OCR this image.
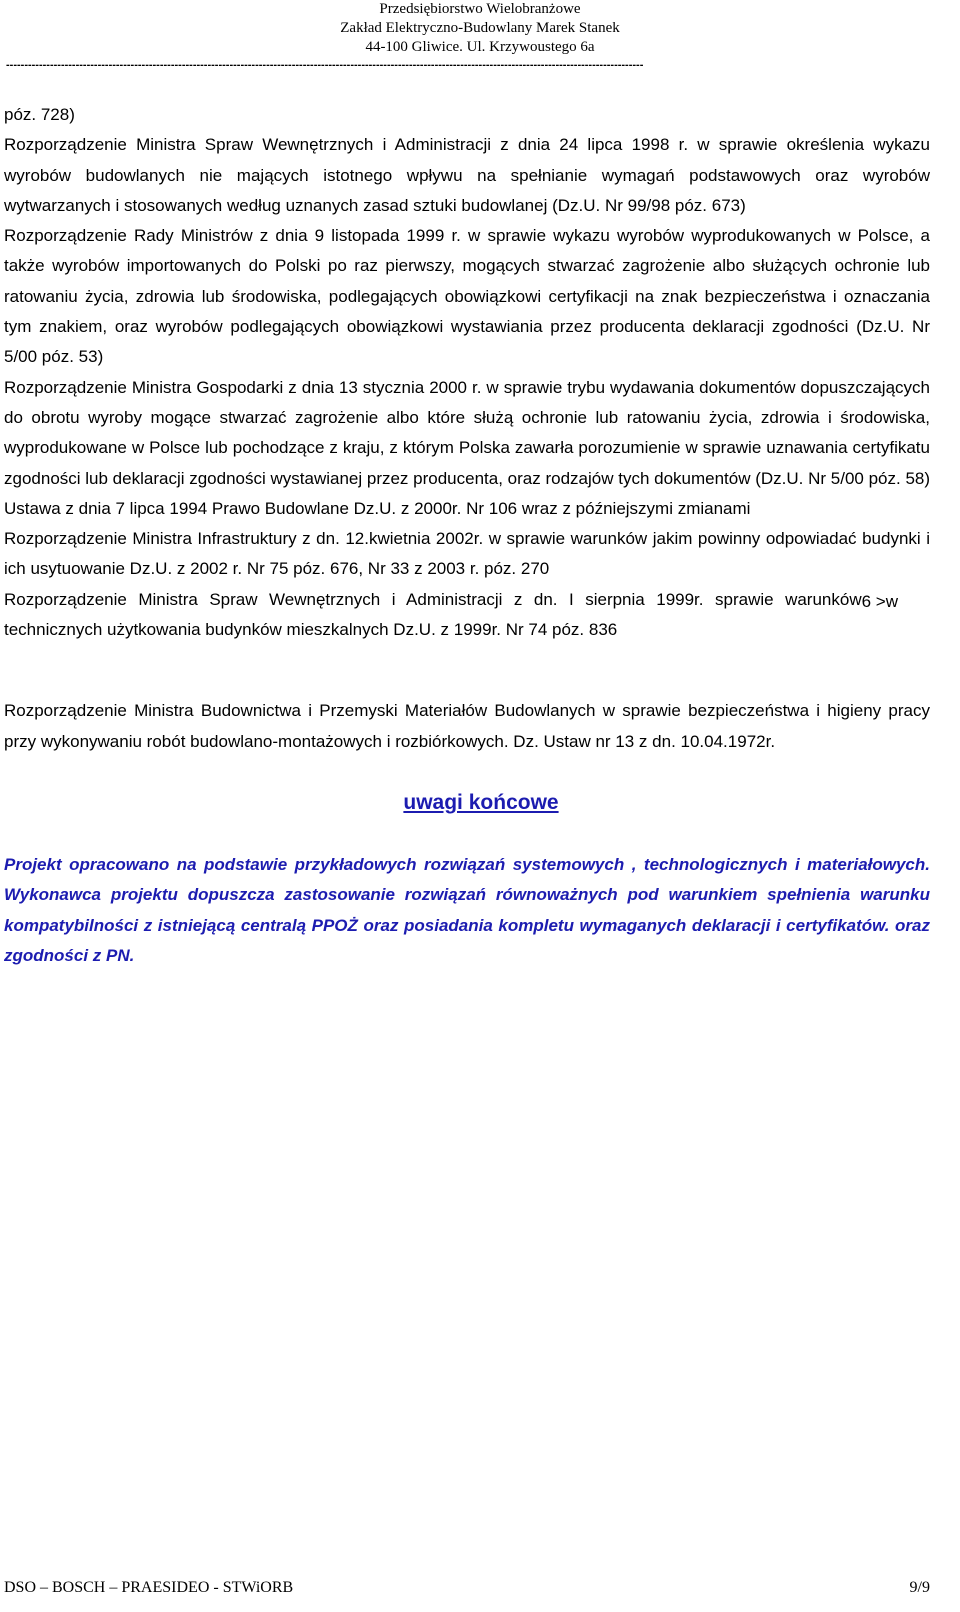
Przedsiębiorstwo Wielobranżowe
Zakład Elektryczno-Budowlany Marek Stanek
44-100 Gliwice. Ul. Krzywoustego 6a
------------------------------------------------------------------------------------------------------------------------------------------------------------------------------

póz. 728)

Rozporządzenie Ministra Spraw Wewnętrznych i Administracji z dnia 24 lipca 1998 r. w sprawie określenia wykazu wyrobów budowlanych nie mających istotnego wpływu na spełnianie wymagań podstawowych oraz wyrobów wytwarzanych i stosowanych według uznanych zasad sztuki budowlanej (Dz.U. Nr 99/98 póz. 673)

Rozporządzenie Rady Ministrów z dnia 9 listopada 1999 r. w sprawie wykazu wyrobów wyprodukowanych w Polsce, a także wyrobów importowanych do Polski po raz pierwszy, mogących stwarzać zagrożenie albo służących ochronie lub ratowaniu życia, zdrowia lub środowiska, podlegających obowiązkowi certyfikacji na znak bezpieczeństwa i oznaczania tym znakiem, oraz wyrobów podlegających obowiązkowi wystawiania przez producenta deklaracji zgodności (Dz.U. Nr 5/00 póz. 53)

Rozporządzenie Ministra Gospodarki z dnia 13 stycznia 2000 r. w sprawie trybu wydawania dokumentów dopuszczających do obrotu wyroby mogące stwarzać zagrożenie albo które służą ochronie lub ratowaniu życia, zdrowia i środowiska, wyprodukowane w Polsce lub pochodzące z kraju, z którym Polska zawarła porozumienie w sprawie uznawania certyfikatu zgodności lub deklaracji zgodności wystawianej przez producenta, oraz rodzajów tych dokumentów (Dz.U. Nr 5/00 póz. 58)

Ustawa z dnia 7 lipca 1994 Prawo Budowlane Dz.U. z 2000r. Nr 106 wraz z późniejszymi zmianami

Rozporządzenie Ministra Infrastruktury z dn. 12.kwietnia 2002r. w sprawie warunków jakim powinny odpowiadać budynki i ich usytuowanie Dz.U. z 2002 r. Nr 75 póz. 676, Nr 33 z 2003 r. póz. 270

6 >w
Rozporządzenie Ministra Spraw Wewnętrznych i Administracji z dn. I sierpnia 1999r. sprawie warunków technicznych użytkowania budynków mieszkalnych Dz.U. z 1999r. Nr 74 póz. 836

Rozporządzenie Ministra Budownictwa i Przemyski Materiałów Budowlanych w sprawie bezpieczeństwa i higieny pracy przy wykonywaniu robót budowlano-montażowych i rozbiórkowych. Dz. Ustaw nr 13 z dn. 10.04.1972r.

uwagi końcowe

Projekt opracowano na podstawie przykładowych rozwiązań systemowych , technologicznych i materiałowych. Wykonawca projektu dopuszcza zastosowanie rozwiązań równoważnych pod warunkiem spełnienia warunku kompatybilności z istniejącą centralą PPOŻ oraz posiadania kompletu wymaganych deklaracji i certyfikatów. oraz zgodności z PN.

DSO – BOSCH – PRAESIDEO - STWiORB	9/9
